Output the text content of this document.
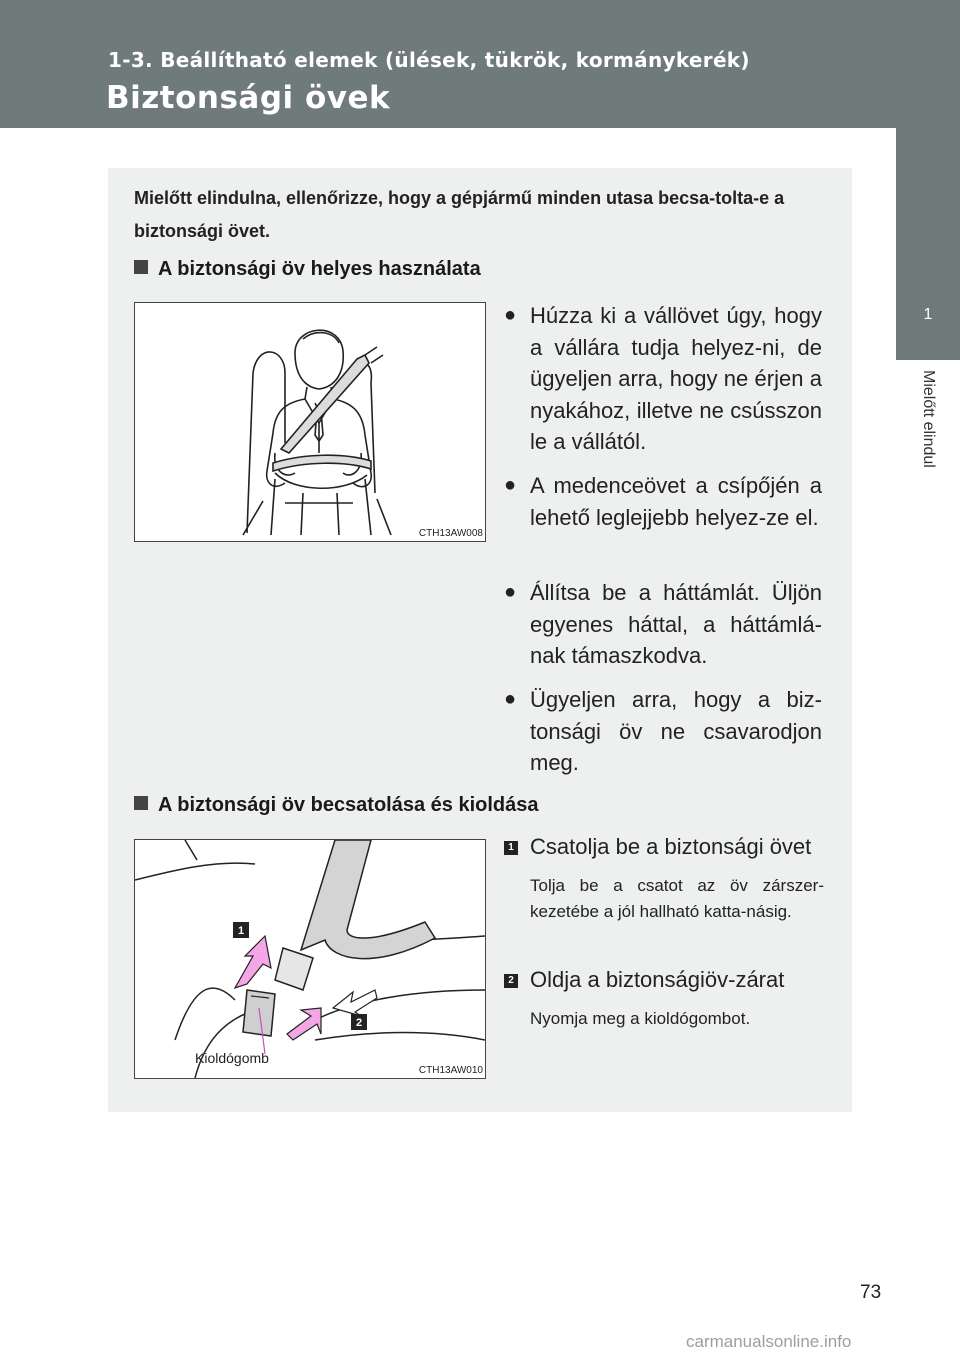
1-3. Beállítható elemek (ülések, tükrök, kormánykerék)
Biztonsági övek
1
Mielőtt elindul
Mielőtt elindulna, ellenőrizze, hogy a gépjármű minden utasa becsa-tolta-e a biztonsági övet.
A biztonsági öv helyes használata
CTH13AW008
● Húzza ki a vállövet úgy, hogy a vállára tudja helyez-ni, de ügyeljen arra, hogy ne érjen a nyakához, illetve ne csússzon le a vállától.
● A medenceövet a csípőjén a lehető leglejjebb helyez-ze el.
● Állítsa be a háttámlát. Üljön egyenes háttal, a háttámlá-nak támaszkodva.
● Ügyeljen arra, hogy a biz-tonsági öv ne csavarodjon meg.
A biztonsági öv becsatolása és kioldása
1
2
Kioldógomb
CTH13AW010
1 Csatolja be a biztonsági övet
Tolja be a csatot az öv zárszer-kezetébe a jól hallható katta-násig.
2 Oldja a biztonságiöv-zárat
Nyomja meg a kioldógombot.
73
carmanualsonline.info
